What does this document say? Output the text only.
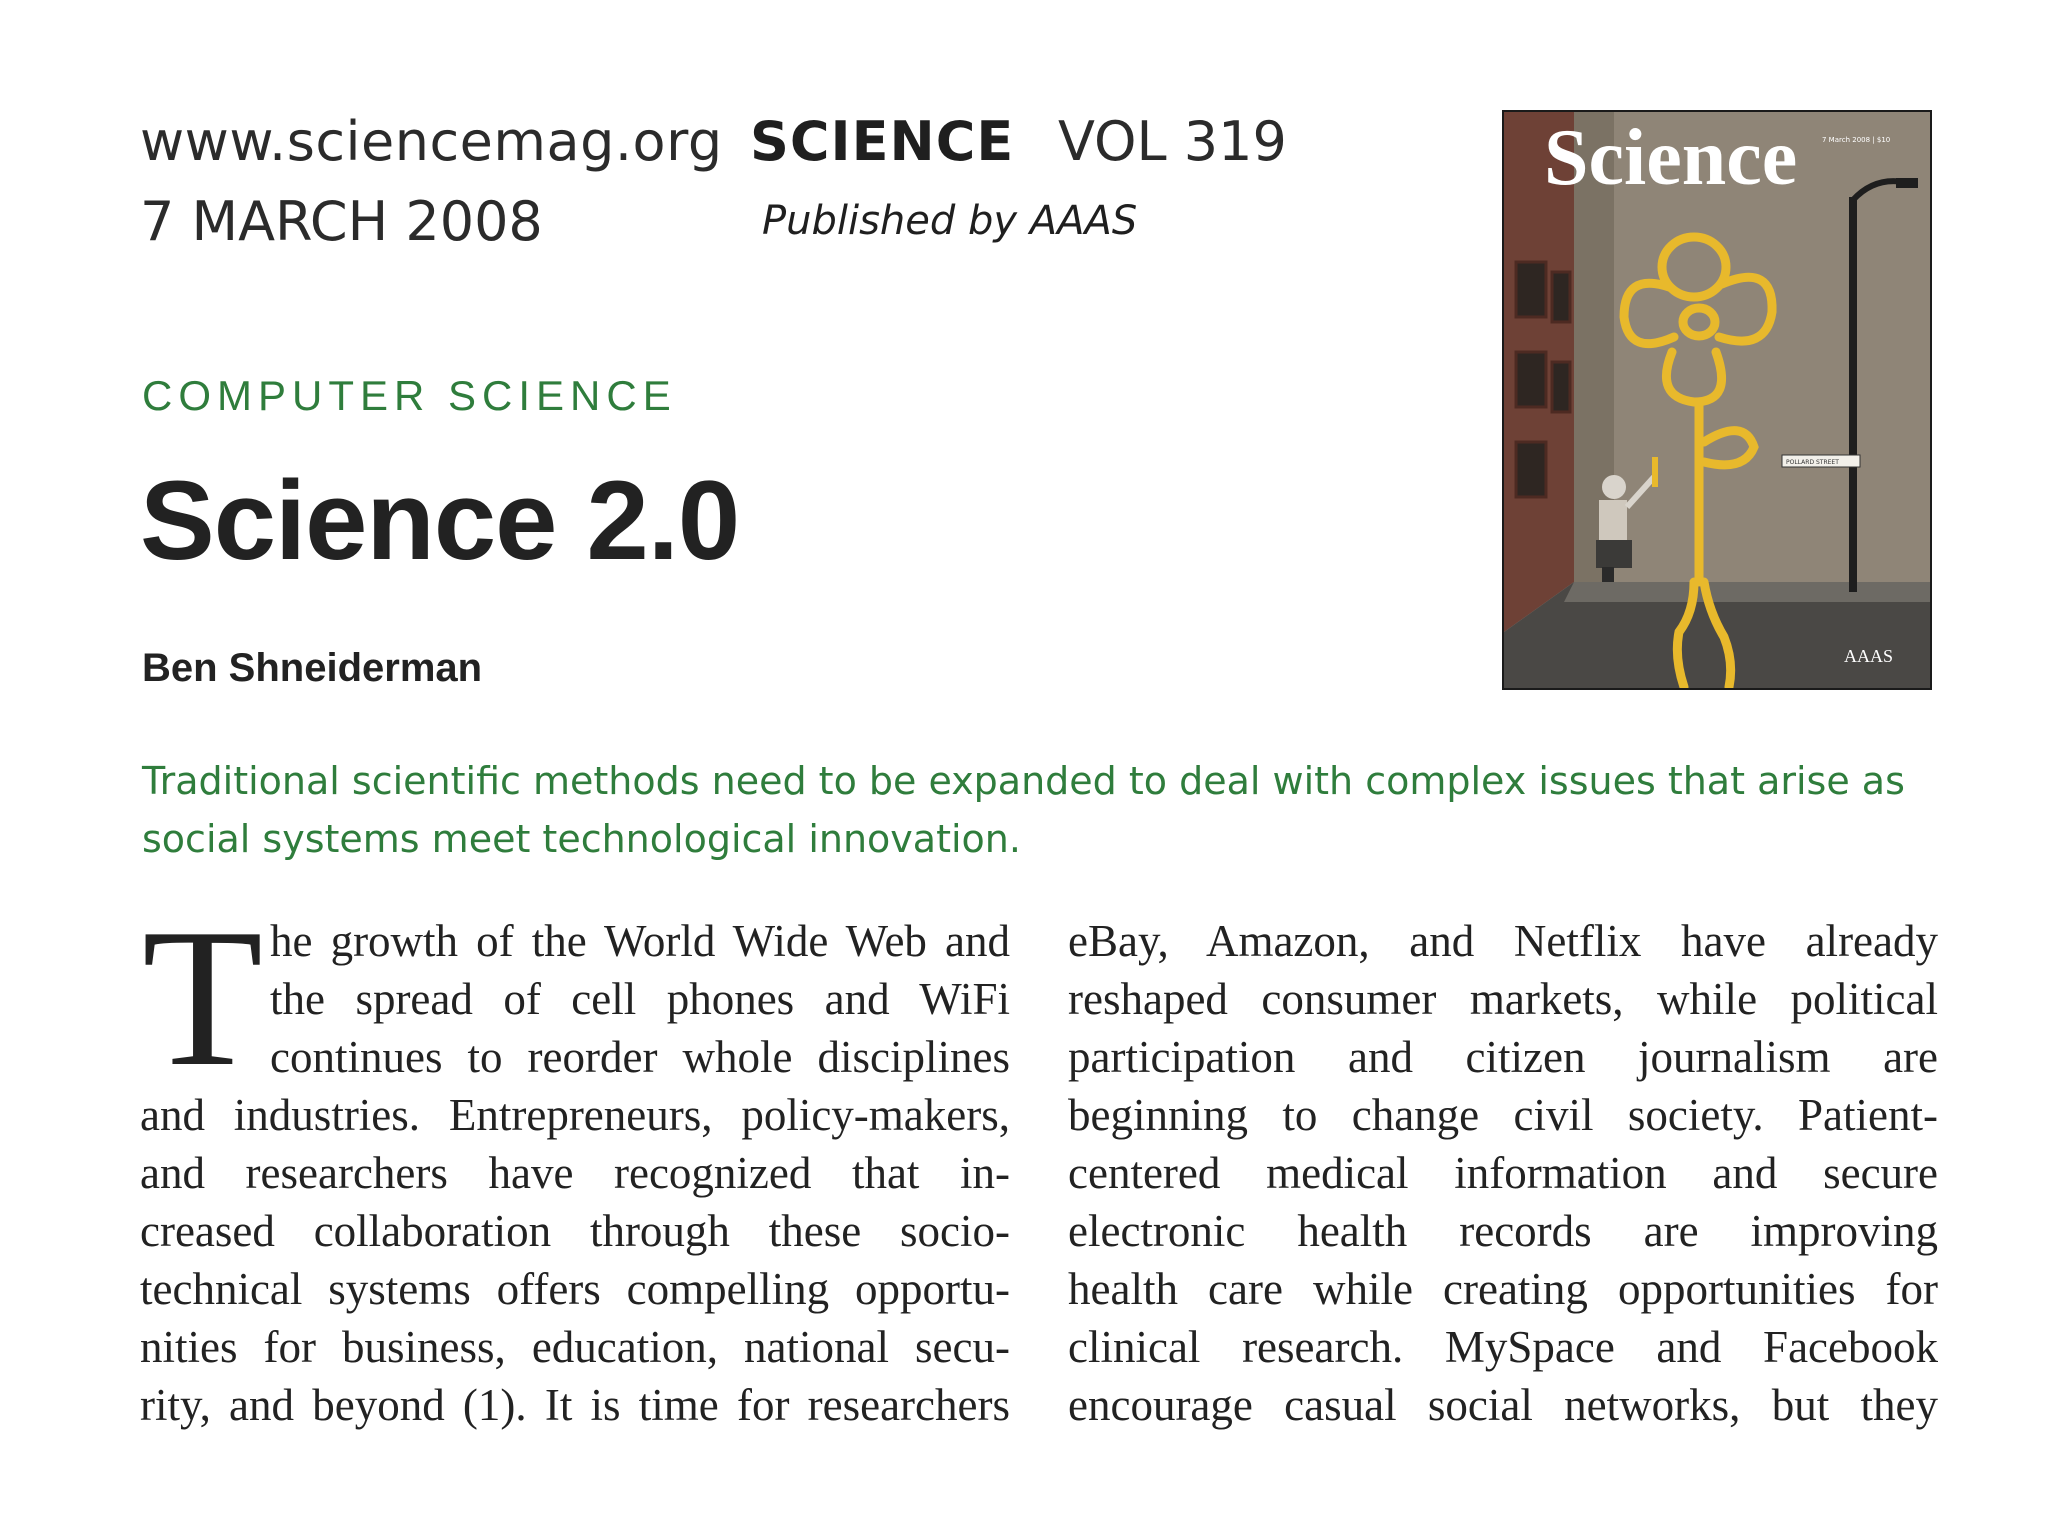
www.sciencemag.org SCIENCE VOL 319
7 MARCH 2008	Published by AAAS
COMPUTER SCIENCE
Science 2.0
Ben Shneiderman
Science	7 March 2008 | $10
POLLARD STREET
AAAS
Traditional scientific methods need to be expanded to deal with complex issues that arise as social systems meet technological innovation.
T he growth of the World Wide Web and
the spread of cell phones and WiFi
continues to reorder whole disciplines
and industries. Entrepreneurs, policy-makers,
and researchers have recognized that in-
creased collaboration through these socio-
technical systems offers compelling opportu-
nities for business, education, national secu-
rity, and beyond (1). It is time for researchers
eBay, Amazon, and Netflix have already
reshaped consumer markets, while political
participation and citizen journalism are
beginning to change civil society. Patient-
centered medical information and secure
electronic health records are improving
health care while creating opportunities for
clinical research. MySpace and Facebook
encourage casual social networks, but they
